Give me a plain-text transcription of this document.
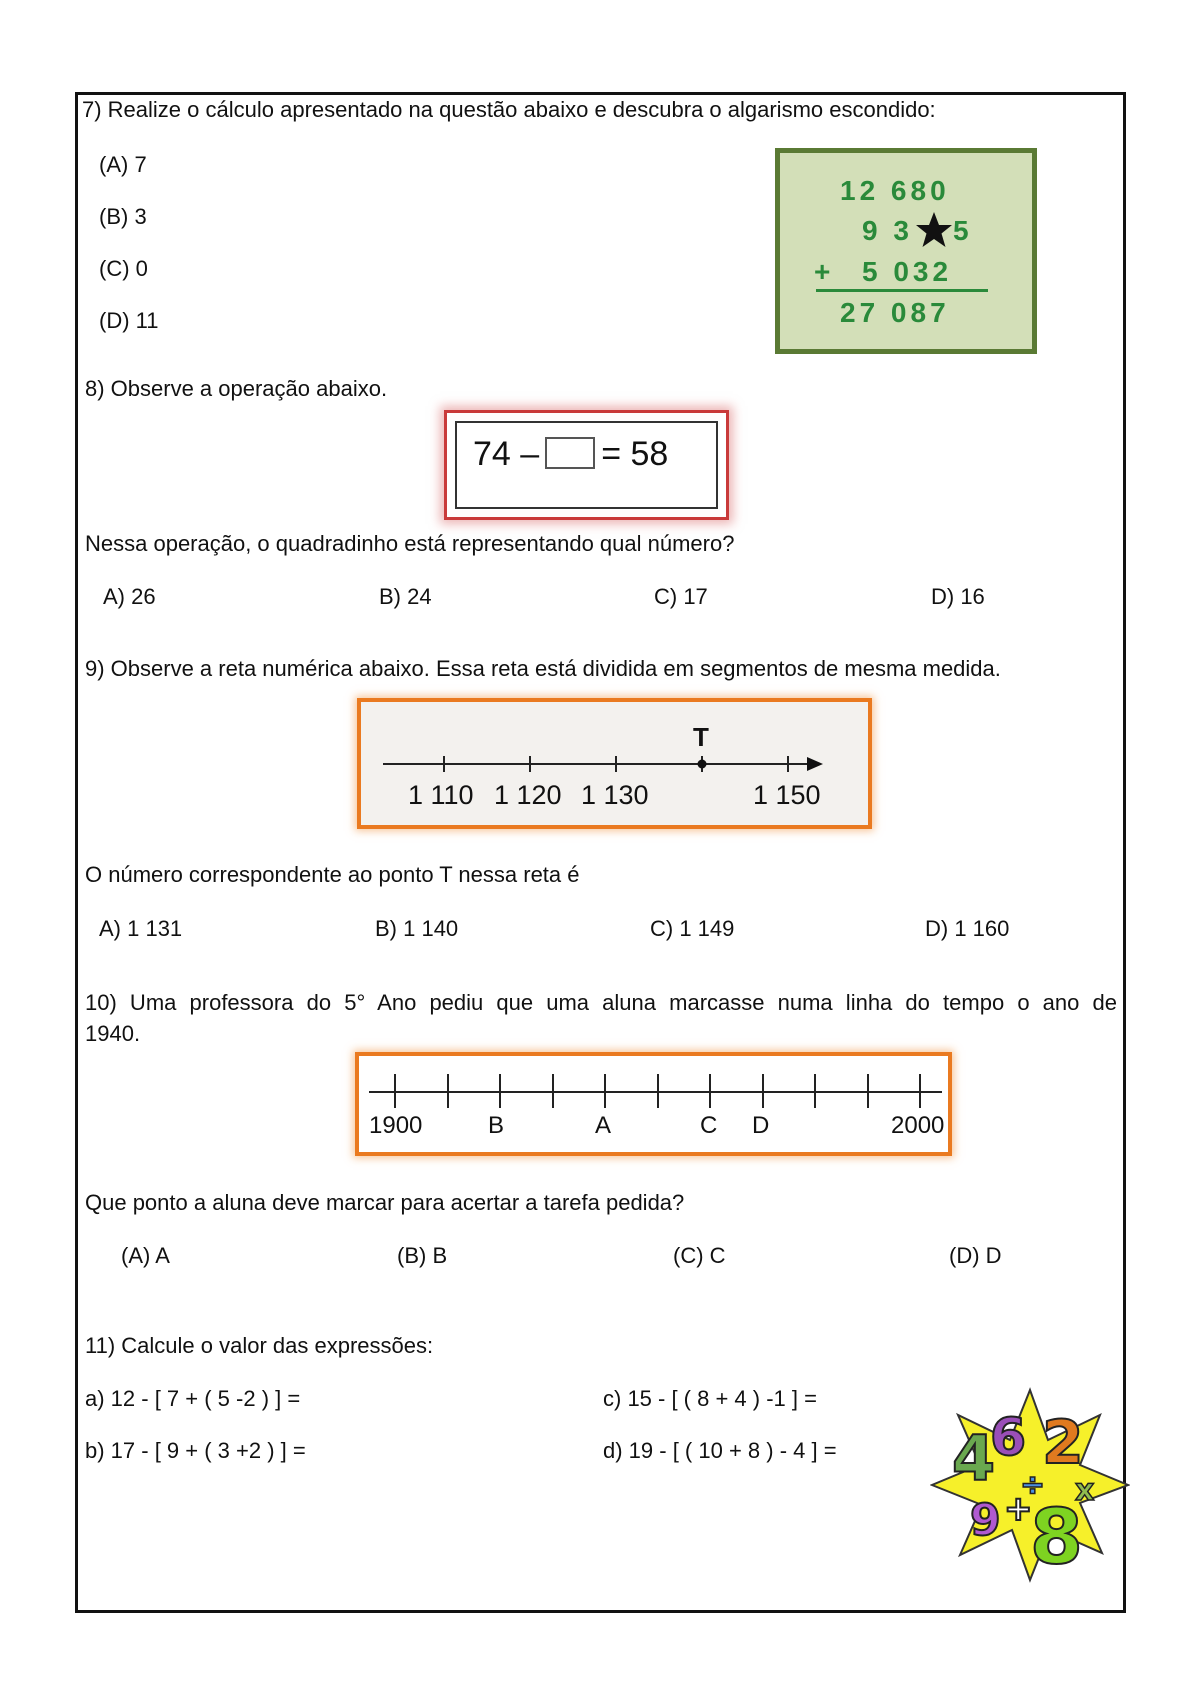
7) Realize o cálculo apresentado na questão abaixo e descubra o algarismo escondido:
(A) 7
(B) 3
(C) 0
(D) 11
12 680
9 3 5
+ 5 032
27 087
8) Observe a operação abaixo.
74 – = 58
Nessa operação, o quadradinho está representando qual número?
A) 26	B) 24	C) 17	D) 16
9) Observe a reta numérica abaixo. Essa reta está dividida em segmentos de mesma medida.
T
1 110 1 120 1 130	1 150
O número correspondente ao ponto T nessa reta é
A) 1 131	B) 1 140	C) 1 149	D) 1 160
10) Uma professora do 5° Ano pediu que uma aluna marcasse numa linha do tempo o ano de
1940.
1900	B	A	C D	2000
Que ponto a aluna deve marcar para acertar a tarefa pedida?
(A) A	(B) B	(C) C	(D) D
11) Calcule o valor das expressões:
a) 12 - [ 7 + ( 5 -2 ) ] =
b) 17 - [ 9 + ( 3 +2 ) ] =
c) 15 - [ ( 8 + 4 ) -1 ] =
d) 19 - [ ( 10 + 8 ) - 4 ] = 4
6 2
x
9 +
8
÷
